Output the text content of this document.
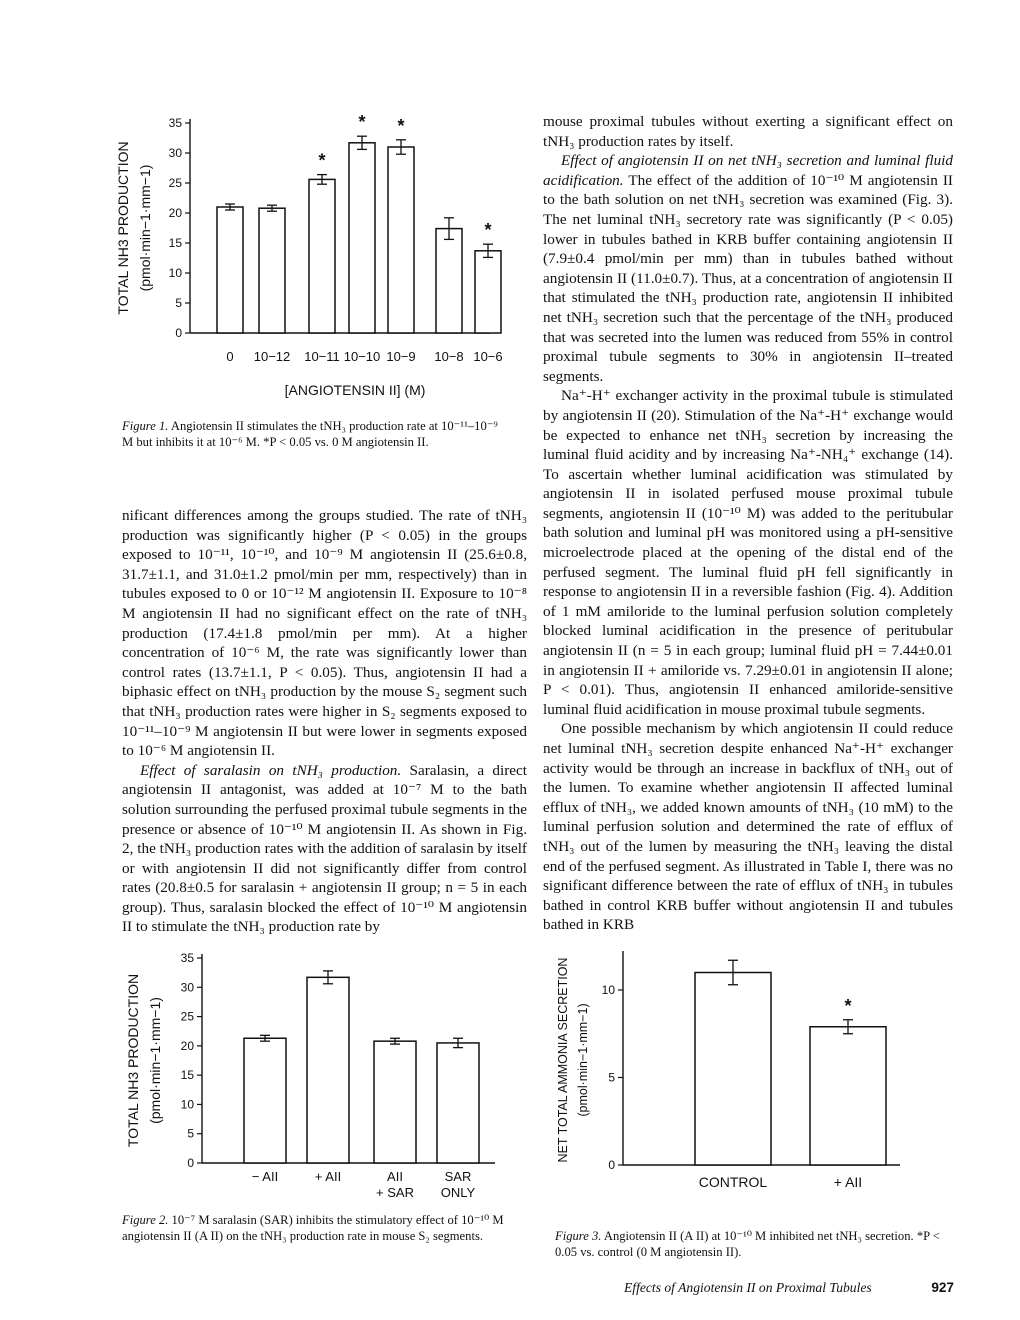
0
5
10
15
20
25
30
35
TOTAL NH3 PRODUCTION (pmol·min−1·mm−1)
0 10−12
*
10−11
*
10−10
*
10−9 10−8
*
10−6
[ANGIOTENSIN II] (M)
Figure 1. Angiotensin II stimulates the tNH₃ production rate at 10⁻¹¹–10⁻⁹ M but inhibits it at 10⁻⁶ M. *P < 0.05 vs. 0 M angiotensin II.

nificant differences among the groups studied. The rate of tNH₃ production was significantly higher (P < 0.05) in the groups exposed to 10⁻¹¹, 10⁻¹⁰, and 10⁻⁹ M angiotensin II (25.6±0.8, 31.7±1.1, and 31.0±1.2 pmol/min per mm, respectively) than in tubules exposed to 0 or 10⁻¹² M angiotensin II. Exposure to 10⁻⁸ M angiotensin II had no significant effect on the rate of tNH₃ production (17.4±1.8 pmol/min per mm). At a higher concentration of 10⁻⁶ M, the rate was significantly lower than control rates (13.7±1.1, P < 0.05). Thus, angiotensin II had a biphasic effect on tNH₃ production by the mouse S₂ segment such that tNH₃ production rates were higher in S₂ segments exposed to 10⁻¹¹–10⁻⁹ M angiotensin II but were lower in segments exposed to 10⁻⁶ M angiotensin II.

Effect of saralasin on tNH₃ production. Saralasin, a direct angiotensin II antagonist, was added at 10⁻⁷ M to the bath solution surrounding the perfused proximal tubule segments in the presence or absence of 10⁻¹⁰ M angiotensin II. As shown in Fig. 2, the tNH₃ production rates with the addition of saralasin by itself or with angiotensin II did not significantly differ from control rates (20.8±0.5 for saralasin + angiotensin II group; n = 5 in each group). Thus, saralasin blocked the effect of 10⁻¹⁰ M angiotensin II to stimulate the tNH₃ production rate by

mouse proximal tubules without exerting a significant effect on tNH₃ production rates by itself.

Effect of angiotensin II on net tNH₃ secretion and luminal fluid acidification. The effect of the addition of 10⁻¹⁰ M angiotensin II to the bath solution on net tNH₃ secretion was examined (Fig. 3). The net luminal tNH₃ secretory rate was significantly (P < 0.05) lower in tubules bathed in KRB buffer containing angiotensin II (7.9±0.4 pmol/min per mm) than in tubules bathed without angiotensin II (11.0±0.7). Thus, at a concentration of angiotensin II that stimulated the tNH₃ production rate, angiotensin II inhibited net tNH₃ secretion such that the percentage of the tNH₃ produced that was secreted into the lumen was reduced from 55% in control proximal tubule segments to 30% in angiotensin II–treated segments.

Na⁺-H⁺ exchanger activity in the proximal tubule is stimulated by angiotensin II (20). Stimulation of the Na⁺-H⁺ exchange would be expected to enhance net tNH₃ secretion by increasing the luminal fluid acidity and by increasing Na⁺-NH₄⁺ exchange (14). To ascertain whether luminal acidification was stimulated by angiotensin II in isolated perfused mouse proximal tubule segments, angiotensin II (10⁻¹⁰ M) was added to the peritubular bath solution and luminal pH was monitored using a pH-sensitive microelectrode placed at the opening of the distal end of the perfused segment. The luminal fluid pH fell significantly in response to angiotensin II in a reversible fashion (Fig. 4). Addition of 1 mM amiloride to the luminal perfusion solution completely blocked luminal acidification in the presence of peritubular angiotensin II (n = 5 in each group; luminal fluid pH = 7.44±0.01 in angiotensin II + amiloride vs. 7.29±0.01 in angiotensin II alone; P < 0.01). Thus, angiotensin II enhanced amiloride-sensitive luminal fluid acidification in mouse proximal tubule segments.

One possible mechanism by which angiotensin II could reduce net luminal tNH₃ secretion despite enhanced Na⁺-H⁺ exchanger activity would be through an increase in backflux of tNH₃ out of the lumen. To examine whether angiotensin II affected luminal efflux of tNH₃, we added known amounts of tNH₃ (10 mM) to the luminal perfusion solution and determined the rate of efflux of tNH₃ out of the lumen by measuring the tNH₃ leaving the distal end of the perfused segment. As illustrated in Table I, there was no significant difference between the rate of efflux of tNH₃ in tubules bathed in control KRB buffer without angiotensin II and tubules bathed in KRB

0
5
10
15
20
25
30
35
TOTAL NH3 PRODUCTION (pmol·min−1·mm−1)
− AII	+ AII	AII
+ SAR
SAR
ONLY
Figure 2. 10⁻⁷ M saralasin (SAR) inhibits the stimulatory effect of 10⁻¹⁰ M angiotensin II (A II) on the tNH₃ production rate in mouse S₂ segments.
0
5
10
NET TOTAL AMMONIA SECRETION (pmol·min−1·mm−1)
CONTROL
*
+ AII
Figure 3. Angiotensin II (A II) at 10⁻¹⁰ M inhibited net tNH₃ secretion. *P < 0.05 vs. control (0 M angiotensin II).
Effects of Angiotensin II on Proximal Tubules	927
